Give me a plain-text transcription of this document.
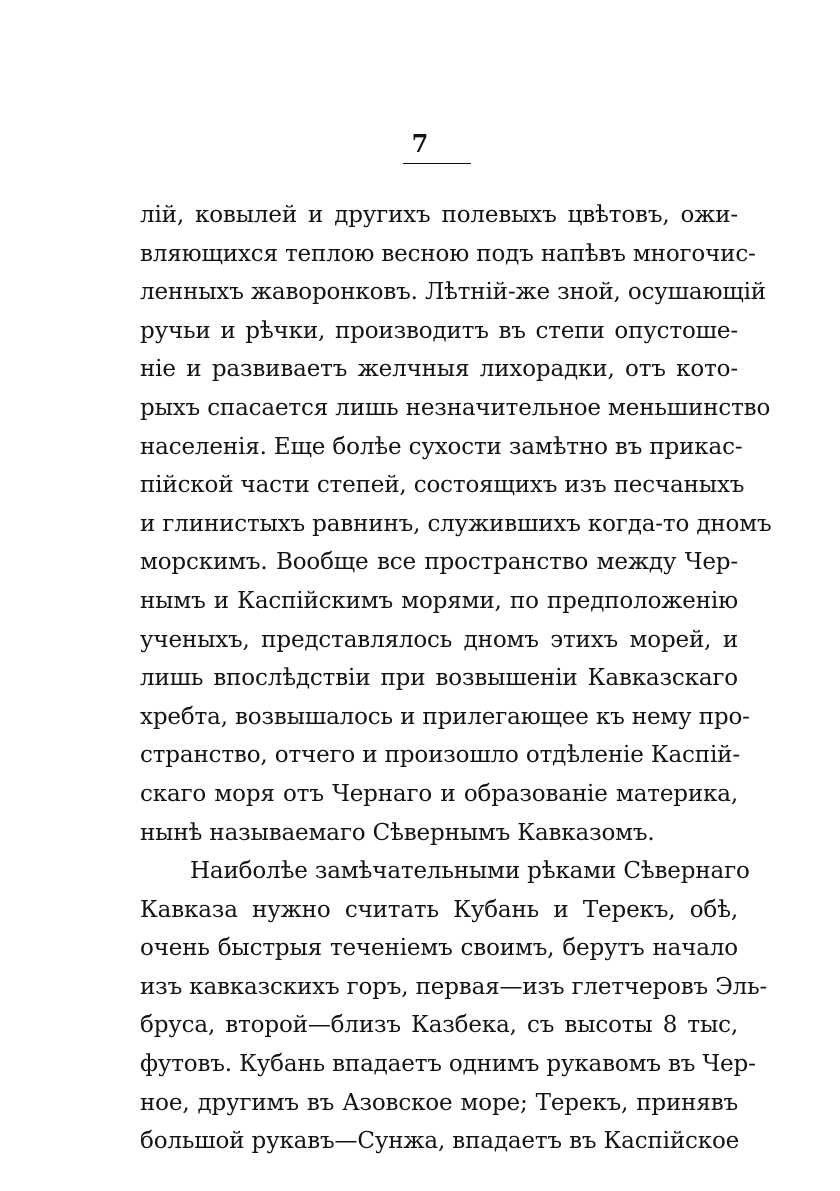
7
лій, ковылей и другихъ полевыхъ цвѣтовъ, ожи-
вляющихся теплою весною подъ напѣвъ многочис-
ленныхъ жаворонковъ. Лѣтній-же зной, осушающій
ручьи и рѣчки, производитъ въ степи опустоше-
ніе и развиваетъ желчныя лихорадки, отъ кото-
рыхъ спасается лишь незначительное меньшинство
населенія. Еще болѣе сухости замѣтно въ прикас-
пійской части степей, состоящихъ изъ песчаныхъ
и глинистыхъ равнинъ, служившихъ когда-то дномъ
морскимъ. Вообще все пространство между Чер-
нымъ и Каспійскимъ морями, по предположенію
ученыхъ, представлялось дномъ этихъ морей, и
лишь впослѣдствіи при возвышеніи Кавказскаго
хребта, возвышалось и прилегающее къ нему про-
странство, отчего и произошло отдѣленіе Каспій-
скаго моря отъ Чернаго и образованіе материка,
нынѣ называемаго Сѣвернымъ Кавказомъ.
Наиболѣе замѣчательными рѣками Сѣвернаго
Кавказа нужно считать Кубань и Терекъ, обѣ,
очень быстрыя теченіемъ своимъ, берутъ начало
изъ кавказскихъ горъ, первая—изъ глетчеровъ Эль-
бруса, второй—близъ Казбека, съ высоты 8 тыс,
футовъ. Кубань впадаетъ однимъ рукавомъ въ Чер-
ное, другимъ въ Азовское море; Терекъ, принявъ
большой рукавъ—Сунжа, впадаетъ въ Каспійское
